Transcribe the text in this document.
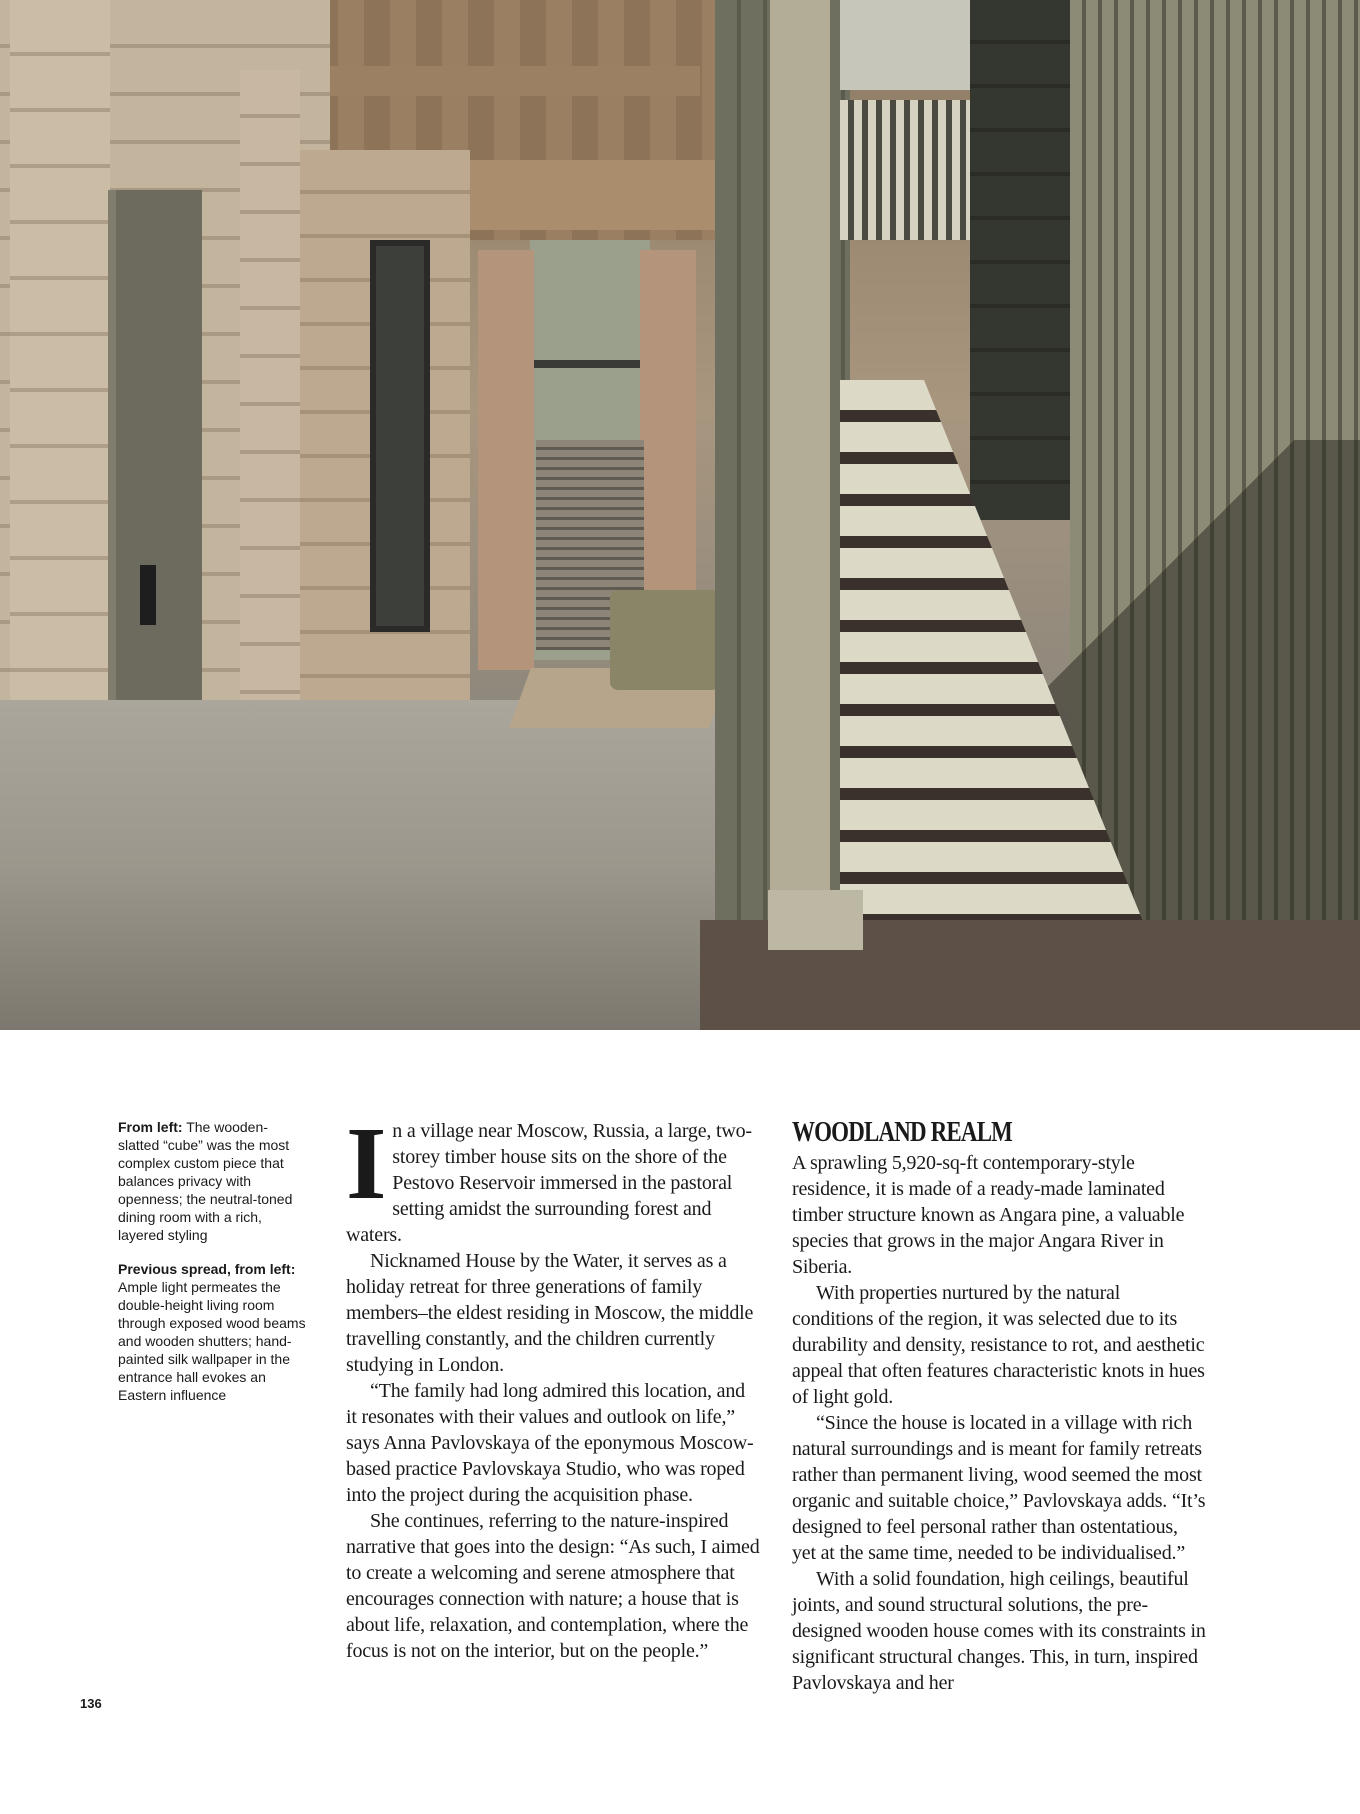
From left: The wooden-slatted “cube” was the most complex custom piece that balances privacy with openness; the neutral-toned dining room with a rich, layered styling

Previous spread, from left: Ample light permeates the double-height living room through exposed wood beams and wooden shutters; hand-painted silk wallpaper in the entrance hall evokes an Eastern influence

In a village near Moscow, Russia, a large, two-storey timber house sits on the shore of the Pestovo Reservoir immersed in the pastoral setting amidst the surrounding forest and waters.

Nicknamed House by the Water, it serves as a holiday retreat for three generations of family members–the eldest residing in Moscow, the middle travelling constantly, and the children currently studying in London.

“The family had long admired this location, and it resonates with their values and outlook on life,” says Anna Pavlovskaya of the eponymous Moscow-based practice Pavlovskaya Studio, who was roped into the project during the acquisition phase.

She continues, referring to the nature-inspired narrative that goes into the design: “As such, I aimed to create a welcoming and serene atmosphere that encourages connection with nature; a house that is about life, relaxation, and contemplation, where the focus is not on the interior, but on the people.”

WOODLAND REALM

A sprawling 5,920-sq-ft contemporary-style residence, it is made of a ready-made laminated timber structure known as Angara pine, a valuable species that grows in the major Angara River in Siberia.

With properties nurtured by the natural conditions of the region, it was selected due to its durability and density, resistance to rot, and aesthetic appeal that often features characteristic knots in hues of light gold.

“Since the house is located in a village with rich natural surroundings and is meant for family retreats rather than permanent living, wood seemed the most organic and suitable choice,” Pavlovskaya adds. “It’s designed to feel personal rather than ostentatious, yet at the same time, needed to be individualised.”

With a solid foundation, high ceilings, beautiful joints, and sound structural solutions, the pre-designed wooden house comes with its constraints in significant structural changes. This, in turn, inspired Pavlovskaya and her

136
